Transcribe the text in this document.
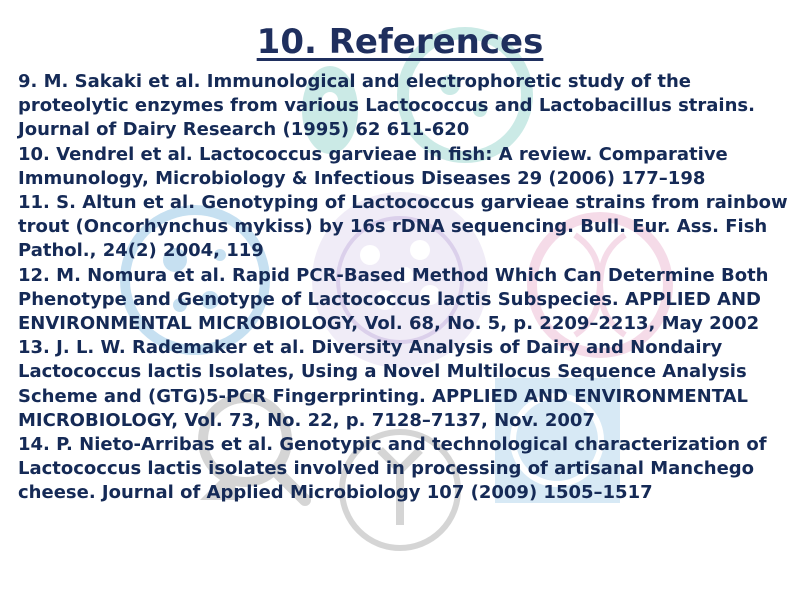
10. References
9. M. Sakaki et al. Immunological and electrophoretic study of the proteolytic enzymes from various Lactococcus and Lactobacillus strains. Journal of Dairy Research (1995) 62 611-620
10. Vendrel et al. Lactococcus garvieae in fish: A review. Comparative Immunology, Microbiology & Infectious Diseases 29 (2006) 177–198
11. S. Altun et al. Genotyping of Lactococcus garvieae strains from rainbow trout (Oncorhynchus mykiss) by 16s rDNA sequencing. Bull. Eur. Ass. Fish Pathol., 24(2) 2004, 119
12. M. Nomura et al. Rapid PCR-Based Method Which Can Determine Both Phenotype and Genotype of Lactococcus lactis Subspecies. APPLIED AND ENVIRONMENTAL MICROBIOLOGY, Vol. 68, No. 5, p. 2209–2213, May 2002
13. J. L. W. Rademaker et al. Diversity Analysis of Dairy and Nondairy Lactococcus lactis Isolates, Using a Novel Multilocus Sequence Analysis Scheme and (GTG)5-PCR Fingerprinting. APPLIED AND ENVIRONMENTAL MICROBIOLOGY, Vol. 73, No. 22, p. 7128–7137, Nov. 2007
14. P. Nieto-Arribas et al. Genotypic and technological characterization of Lactococcus lactis isolates involved in processing of artisanal Manchego cheese. Journal of Applied Microbiology 107 (2009) 1505–1517
